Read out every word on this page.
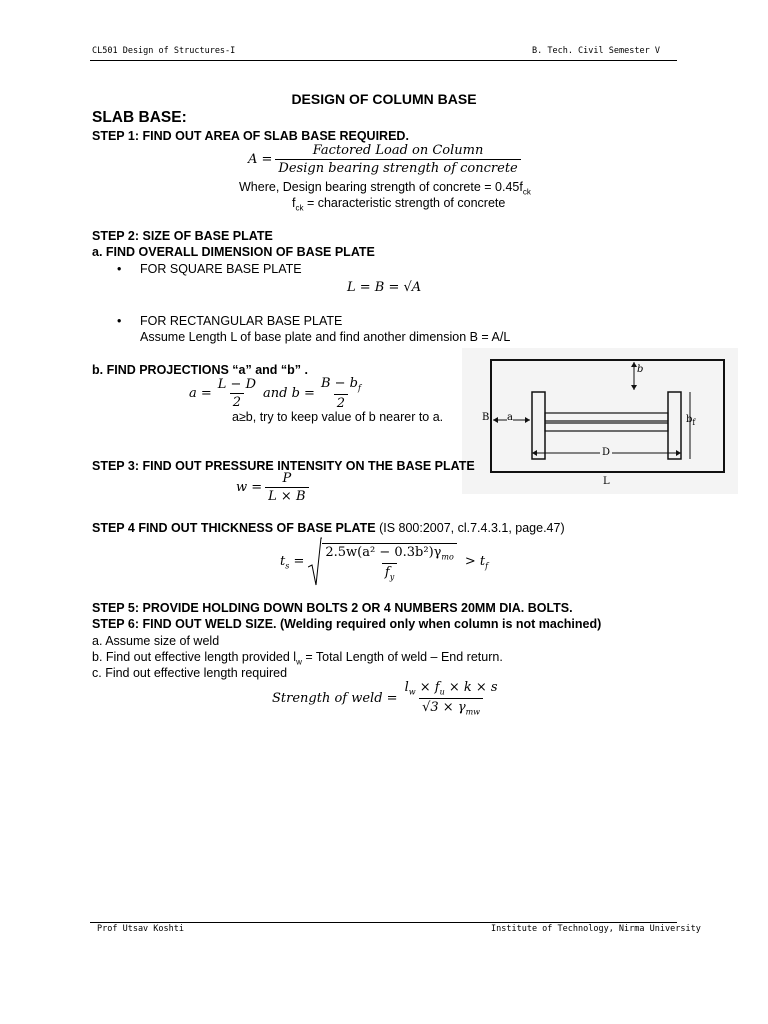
CL501 Design of Structures-I	B. Tech. Civil Semester V
DESIGN OF COLUMN BASE
SLAB BASE:
STEP 1: FIND OUT AREA OF SLAB BASE REQUIRED.
$A = \frac{\text{Factored Load on Column}}{\text{Design bearing strength of concrete}}$
Where, Design bearing strength of concrete = $0.45f_{ck}$
$f_{ck}$ = characteristic strength of concrete
STEP 2: SIZE OF BASE PLATE
a. FIND OVERALL DIMENSION OF BASE PLATE
• FOR SQUARE BASE PLATE
L = B = √A
• FOR RECTANGULAR BASE PLATE
Assume Length L of base plate and find another dimension B = A/L
b. FIND PROJECTIONS “a” and “b” .
$a = \frac{L - D}{2}$ and $b = \frac{B - b_f}{2}$
a≥b, try to keep value of b nearer to a.
b
B a	$b_f$
D
L
STEP 3: FIND OUT PRESSURE INTENSITY ON THE BASE PLATE
$w = \frac{P}{L \times B}$
STEP 4 FIND OUT THICKNESS OF BASE PLATE (IS 800:2007, cl.7.4.3.1, page.47)
$t_s = \frac{2.5w(a^2 - 0.3b^2)\gamma_{mo}}{f_y} > t_f$
STEP 5: PROVIDE HOLDING DOWN BOLTS 2 OR 4 NUMBERS 20MM DIA. BOLTS.
STEP 6: FIND OUT WELD SIZE. (Welding required only when column is not machined)
a. Assume size of weld
b. Find out effective length provided $l_w$ = Total Length of weld – End return.
c. Find out effective length required
Strength of weld = $\frac{l_w \times f_u \times k \times s}{√3 \times \gamma_{mw}}$
Prof Utsav Koshti	Institute of Technology, Nirma University
